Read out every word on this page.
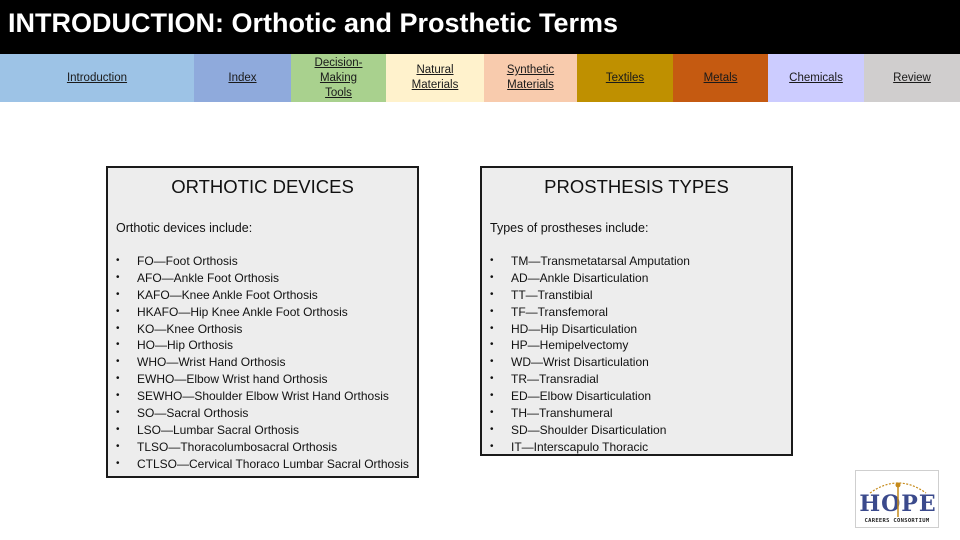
INTRODUCTION: Orthotic and Prosthetic Terms
Introduction	Index
Decision-
Making
Tools
Natural
Materials
Synthetic
Materials
Textiles	Metals	Chemicals	Review
ORTHOTIC DEVICES
Orthotic devices include:
• FO—Foot Orthosis
• AFO—Ankle Foot Orthosis
• KAFO—Knee Ankle Foot Orthosis
• HKAFO—Hip Knee Ankle Foot Orthosis
• KO—Knee Orthosis
• HO—Hip Orthosis
• WHO—Wrist Hand Orthosis
• EWHO—Elbow Wrist hand Orthosis
• SEWHO—Shoulder Elbow Wrist Hand Orthosis
• SO—Sacral Orthosis
• LSO—Lumbar Sacral Orthosis
• TLSO—Thoracolumbosacral Orthosis
• CTLSO—Cervical Thoraco Lumbar Sacral Orthosis
PROSTHESIS TYPES
Types of prostheses include:
• TM—Transmetatarsal Amputation
• AD—Ankle Disarticulation
• TT—Transtibial
• TF—Transfemoral
• HD—Hip Disarticulation
• HP—Hemipelvectomy
• WD—Wrist Disarticulation
• TR—Transradial
• ED—Elbow Disarticulation
• TH—Transhumeral
• SD—Shoulder Disarticulation
• IT—Interscapulo Thoracic
HOPE
CAREERS CONSORTIUM
